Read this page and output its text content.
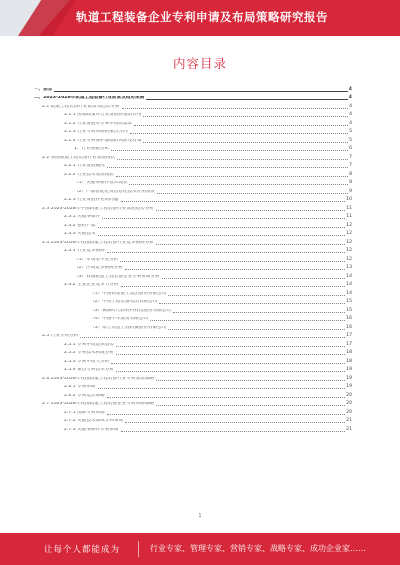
轨道工程装备企业专利申请及布局策略研究报告
内容目录
一、前言	4
二、2023-2028年轨道工程装备行业前景及趋势预测	4
2.1 轨道工程装备行业前景及趋势分析	4
2.1.1 国家政策对行业发展的推动作用	4
2.1.2 行业发展对专利申请的需求	4
2.1.3 行业专利布局的重点方向	5
2.1.4 行业专利保护面临的风险及对策	5
1、行业规模分析	6
2.2 我国轨道工程装备行业发展现状	7
2.2.1 行业发展概况	7
2.2.2 行业技术发展现状	8
（1）关键零部件技术现状	8
（2）产品智能化及信息化技术应用情况	9
2.2.3 行业发展存在的问题	10
2.3 2023-2028年中国轨道工程装备行业发展趋势分析	11
2.3.1 关键零部件	11
2.3.2 整机产品	12
2.3.3 关键技术	12
2.4 2023-2028年我国轨道工程装备行业竞争格局分析	12
2.4.1 行业竞争格局	12
（1）市场集中度分析	12
（2）区域竞争格局分析	13
（3）我国轨道工程装备企业专利布局分析	14
2.4.2 主要企业竞争力分析	14
（1）中国铁建重工集团股份有限公司	14
（2）中铁工程装备集团有限公司	15
（3）株洲时代新材料科技股份有限公司	15
（4）中国中车股份有限公司	16
（5）徐工集团工程机械股份有限公司	16
2.5 行业专利分析	17
2.5.1 专利申请总体态势	17
2.5.2 专利技术构成分析	18
2.5.3 专利申请人分析	18
2.5.4 重点专利技术分析	19
2.6 2023-2028年我国轨道工程装备行业专利发展策略	19
2.6.1 专利布局	19
2.6.2 专利运营策略	20
2.7 2023-2028年我国轨道工程装备企业专利布局策略	20
2.7.1 国际专利布局	20
2.7.2 关键技术领域专利布局	21
2.7.3 关键零部件专利布局	21
1
让每个人都能成为	行业专家、管理专家、营销专家、战略专家、成功企业家……
